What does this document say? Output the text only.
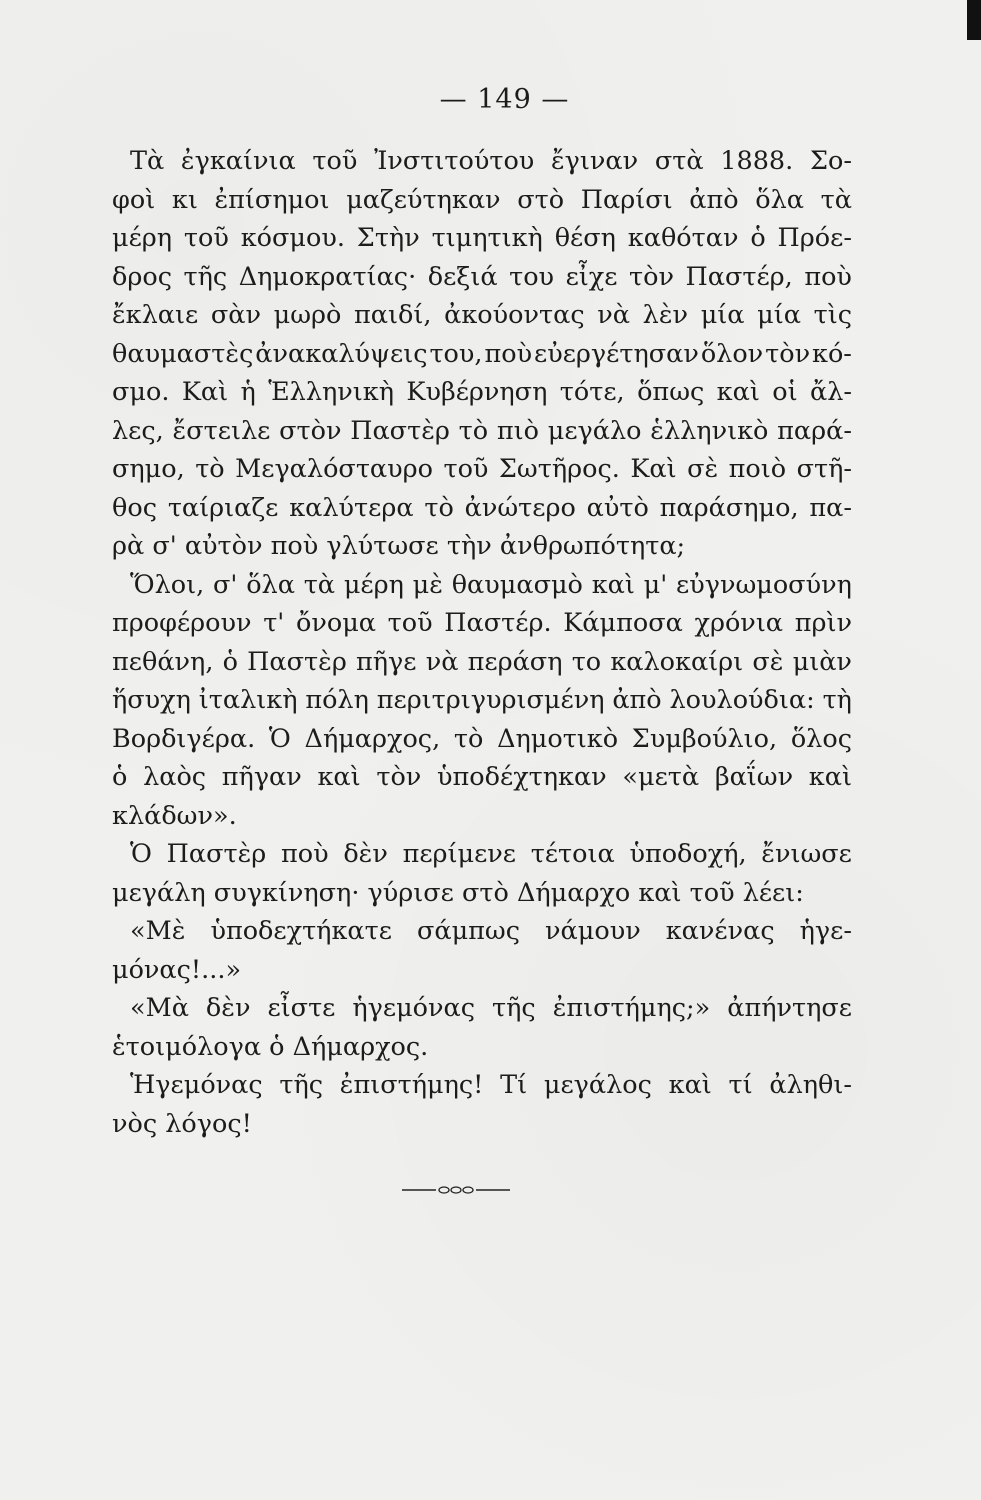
— 149 —
Τὰ ἐγκαίνια τοῦ Ἰνστιτούτου ἔγιναν στὰ 1888. Σο-
φοὶ κι ἐπίσημοι μαζεύτηκαν στὸ Παρίσι ἀπὸ ὅλα τὰ
μέρη τοῦ κόσμου. Στὴν τιμητικὴ θέση καθόταν ὁ Πρόε-
δρος τῆς Δημοκρατίας· δεξιά του εἶχε τὸν Παστέρ, ποὺ
ἔκλαιε σὰν μωρὸ παιδί, ἀκούοντας νὰ λὲν μία μία τὶς
θαυμαστὲς ἀνακαλύψεις του, ποὺ εὐεργέτησαν ὅλον τὸν κό-
σμο. Καὶ ἡ Ἑλληνικὴ Κυβέρνηση τότε, ὅπως καὶ οἱ ἄλ-
λες, ἔστειλε στὸν Παστὲρ τὸ πιὸ μεγάλο ἑλληνικὸ παρά-
σημο, τὸ Μεγαλόσταυρο τοῦ Σωτῆρος. Καὶ σὲ ποιὸ στῆ-
θος ταίριαζε καλύτερα τὸ ἀνώτερο αὐτὸ παράσημο, πα-
ρὰ σ' αὐτὸν ποὺ γλύτωσε τὴν ἀνθρωπότητα;
Ὅλοι, σ' ὅλα τὰ μέρη μὲ θαυμασμὸ καὶ μ' εὐγνωμοσύνη
προφέρουν τ' ὄνομα τοῦ Παστέρ. Κάμποσα χρόνια πρὶν
πεθάνη, ὁ Παστὲρ πῆγε νὰ περάση το καλοκαίρι σὲ μιὰν
ἥσυχη ἰταλικὴ πόλη περιτριγυρισμένη ἀπὸ λουλούδια: τὴ
Βορδιγέρα. Ὁ Δήμαρχος, τὸ Δημοτικὸ Συμβούλιο, ὅλος
ὁ λαὸς πῆγαν καὶ τὸν ὑποδέχτηκαν «μετὰ βαΐων καὶ
κλάδων».
Ὁ Παστὲρ ποὺ δὲν περίμενε τέτοια ὑποδοχή, ἔνιωσε
μεγάλη συγκίνηση· γύρισε στὸ Δήμαρχο καὶ τοῦ λέει:
«Μὲ ὑποδεχτήκατε σάμπως νάμουν κανένας ἡγε-
μόνας!...»
«Μὰ δὲν εἶστε ἡγεμόνας τῆς ἐπιστήμης;» ἀπήντησε
ἑτοιμόλογα ὁ Δήμαρχος.
Ἡγεμόνας τῆς ἐπιστήμης! Τί μεγάλος καὶ τί ἀληθι-
νὸς λόγος!
